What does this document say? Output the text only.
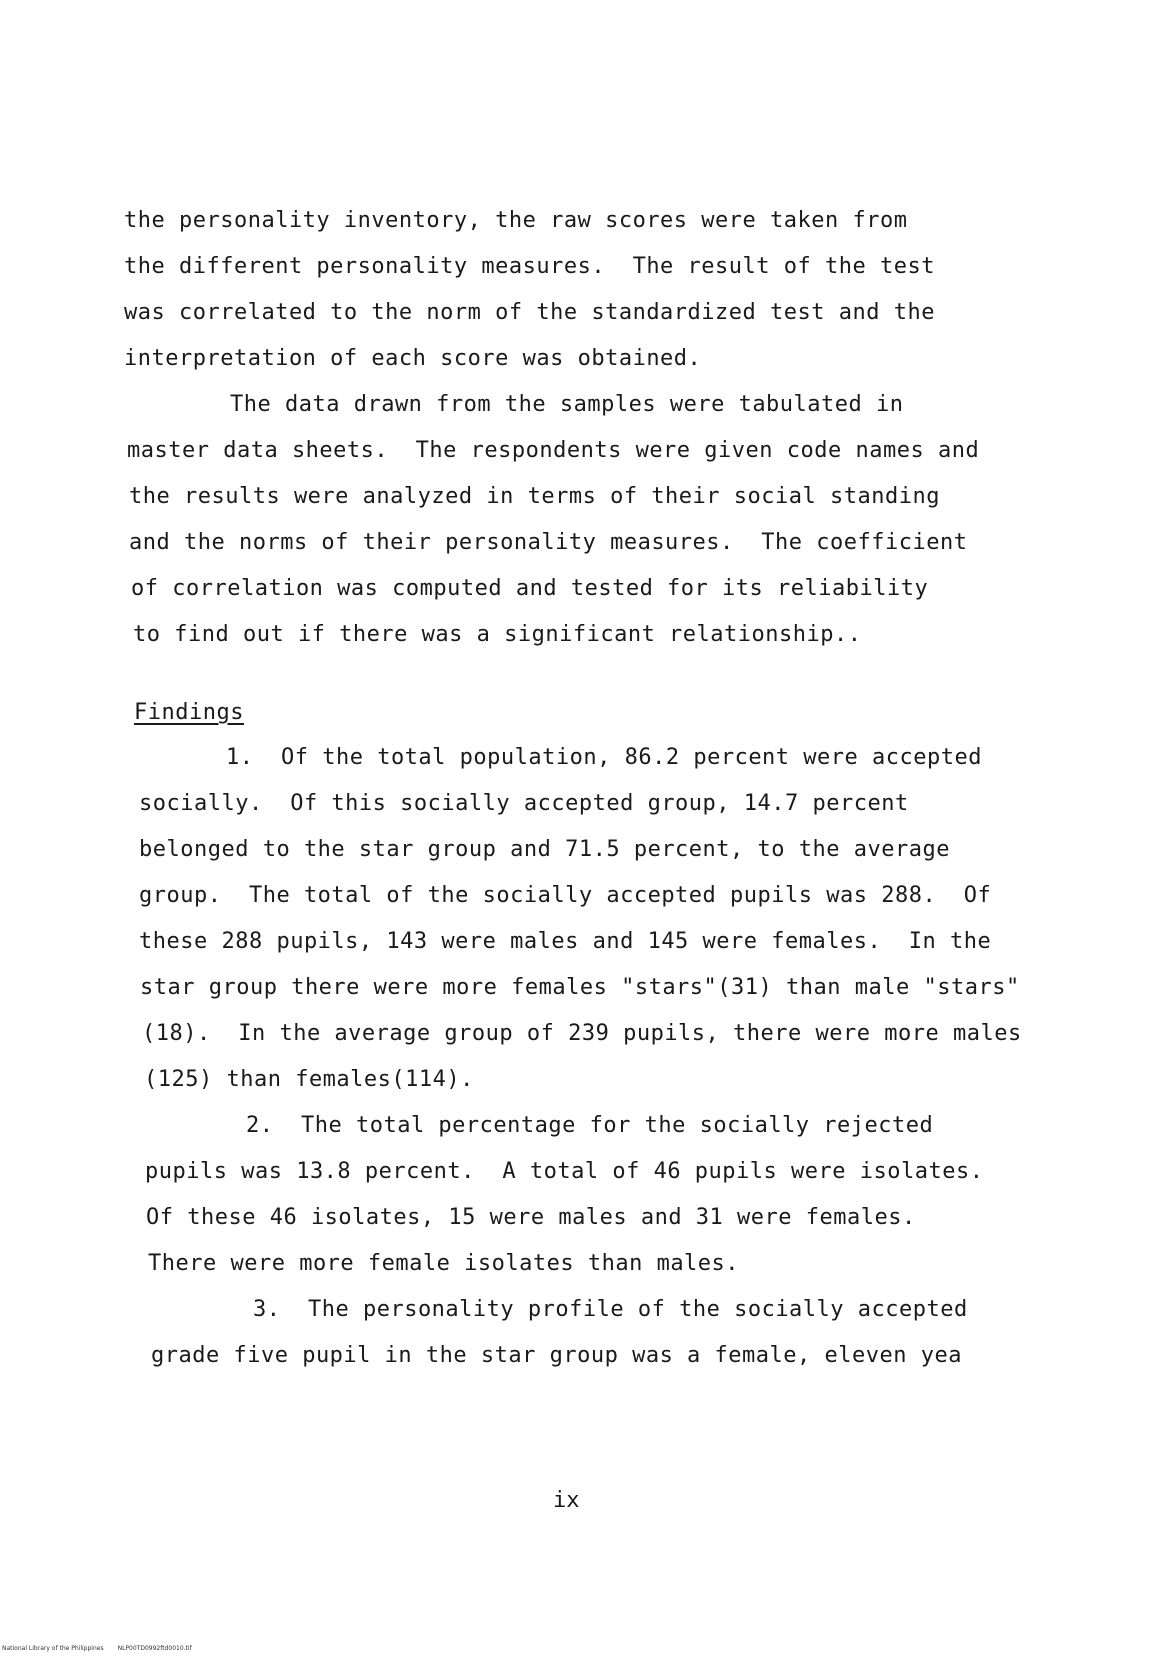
the personality inventory, the raw scores were taken from
the different personality measures.  The result of the test
was correlated to the norm of the standardized test and the
interpretation of each score was obtained.
The data drawn from the samples were tabulated in
master data sheets.  The respondents were given code names and
the results were analyzed in terms of their social standing
and the norms of their personality measures.  The coefficient
of correlation was computed and tested for its reliability
to find out if there was a significant relationship..
Findings
1.  Of the total population, 86.2 percent were accepted
socially.  Of this socially accepted group, 14.7 percent
belonged to the star group and 71.5 percent, to the average
group.  The total of the socially accepted pupils was 288.  Of
these 288 pupils, 143 were males and 145 were females.  In the
star group there were more females "stars"(31) than male "stars"
(18).  In the average group of 239 pupils, there were more males
(125) than females(114).
2.  The total percentage for the socially rejected
pupils was 13.8 percent.  A total of 46 pupils were isolates.
Of these 46 isolates, 15 were males and 31 were females.
There were more female isolates than males.
3.  The personality profile of the socially accepted
grade five pupil in the star group was a female, eleven yea
ix
National Library of the Philippines NLP00TD0992ftd0010.tif
